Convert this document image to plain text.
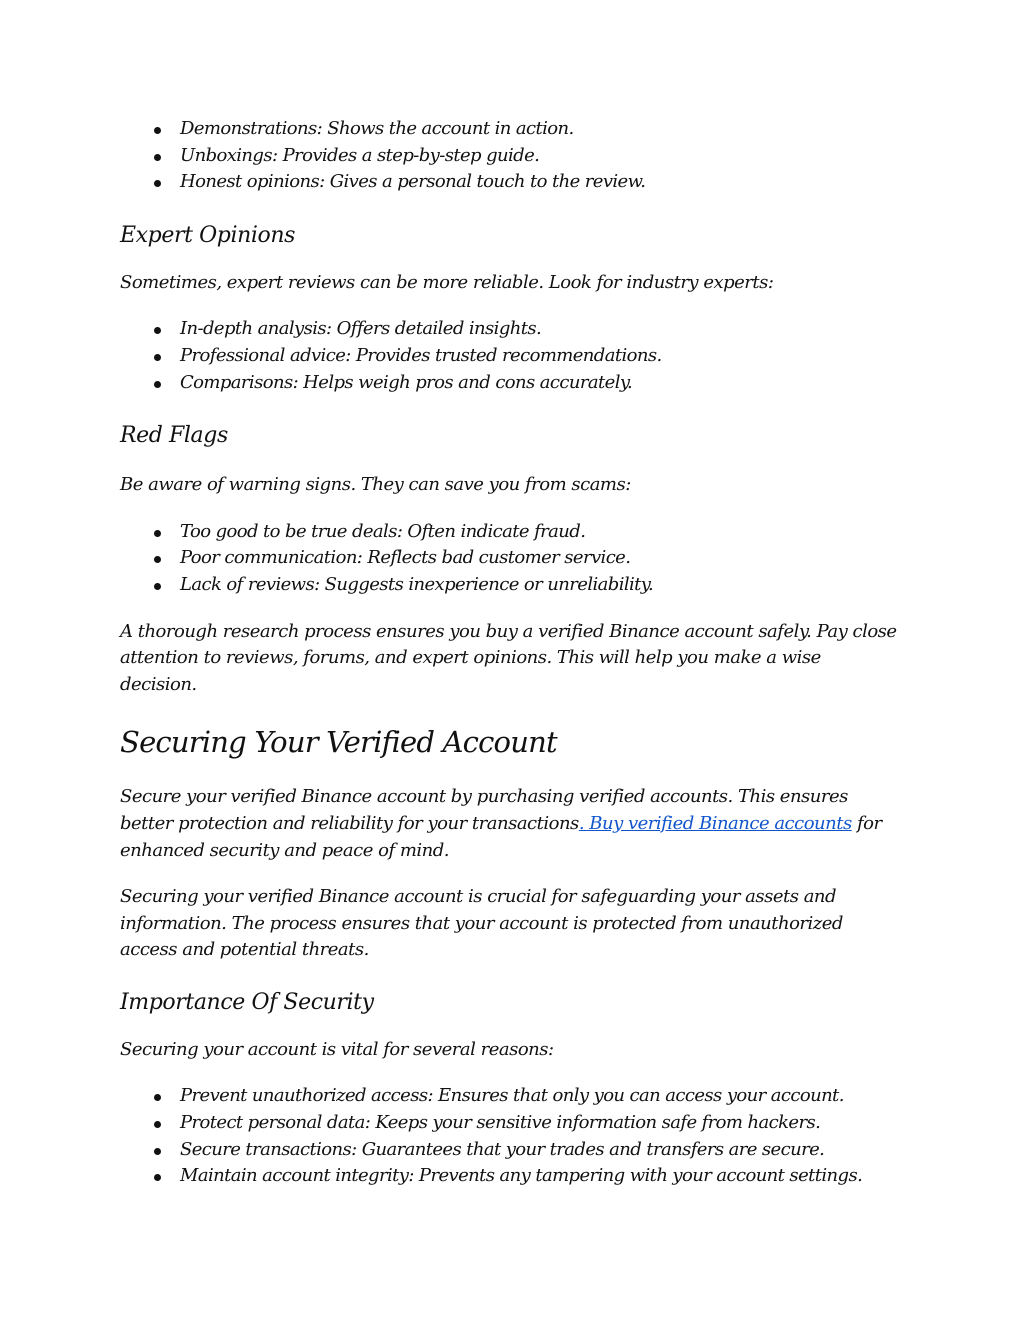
Demonstrations: Shows the account in action.
Unboxings: Provides a step-by-step guide.
Honest opinions: Gives a personal touch to the review.
Expert Opinions

Sometimes, expert reviews can be more reliable. Look for industry experts:

In-depth analysis: Offers detailed insights.
Professional advice: Provides trusted recommendations.
Comparisons: Helps weigh pros and cons accurately.
Red Flags

Be aware of warning signs. They can save you from scams:

Too good to be true deals: Often indicate fraud.
Poor communication: Reflects bad customer service.
Lack of reviews: Suggests inexperience or unreliability.

A thorough research process ensures you buy a verified Binance account safely. Pay close attention to reviews, forums, and expert opinions. This will help you make a wise decision.

Securing Your Verified Account

Secure your verified Binance account by purchasing verified accounts. This ensures better protection and reliability for your transactions. Buy verified Binance accounts for enhanced security and peace of mind.

Securing your verified Binance account is crucial for safeguarding your assets and information. The process ensures that your account is protected from unauthorized access and potential threats.

Importance Of Security

Securing your account is vital for several reasons:

Prevent unauthorized access: Ensures that only you can access your account.
Protect personal data: Keeps your sensitive information safe from hackers.
Secure transactions: Guarantees that your trades and transfers are secure.
Maintain account integrity: Prevents any tampering with your account settings.
